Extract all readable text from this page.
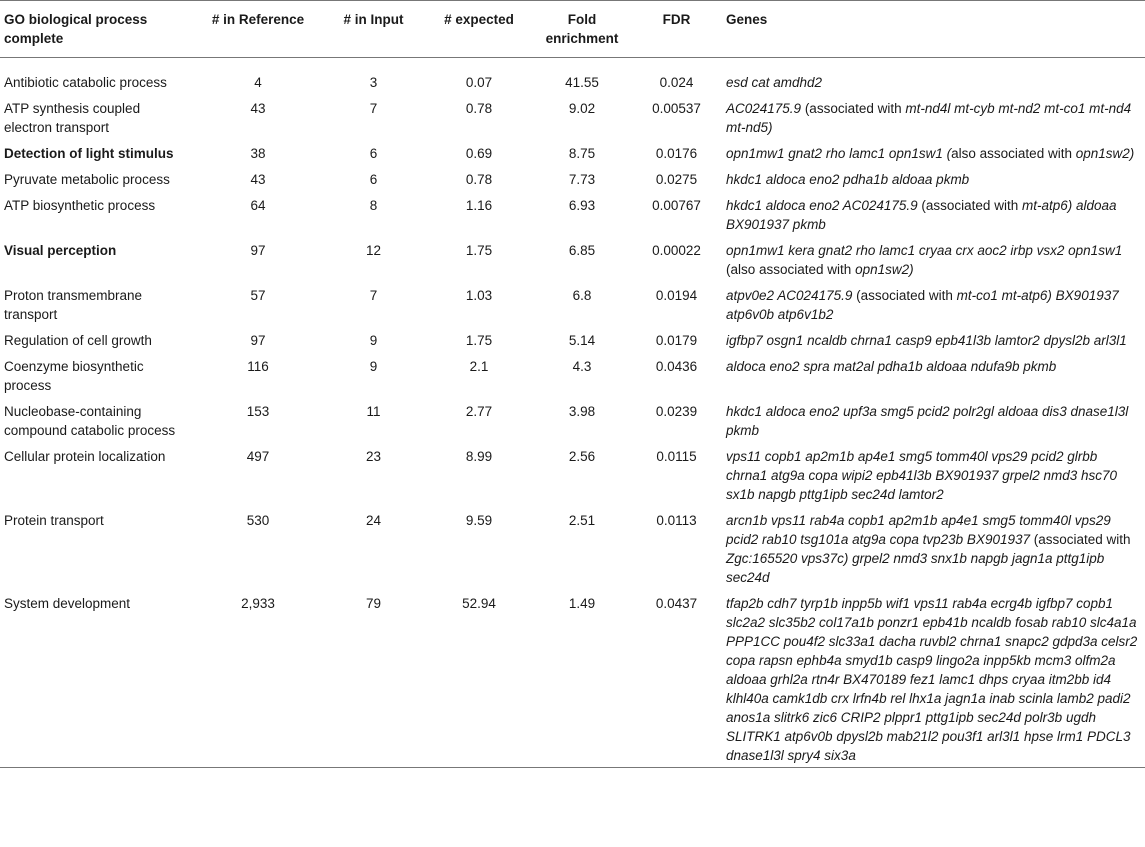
GO biological process complete	# in Reference	# in Input	# expected	Fold enrichment	FDR	Genes
Antibiotic catabolic process	4	3	0.07	41.55	0.024	esd cat amdhd2
ATP synthesis coupled electron transport	43	7	0.78	9.02	0.00537	AC024175.9 (associated with mt-nd4l mt-cyb mt-nd2 mt-co1 mt-nd4 mt-nd5)
Detection of light stimulus	38	6	0.69	8.75	0.0176	opn1mw1 gnat2 rho lamc1 opn1sw1 (also associated with opn1sw2)
Pyruvate metabolic process	43	6	0.78	7.73	0.0275	hkdc1 aldoca eno2 pdha1b aldoaa pkmb
ATP biosynthetic process	64	8	1.16	6.93	0.00767	hkdc1 aldoca eno2 AC024175.9 (associated with mt-atp6) aldoaa BX901937 pkmb
Visual perception	97	12	1.75	6.85	0.00022	opn1mw1 kera gnat2 rho lamc1 cryaa crx aoc2 irbp vsx2 opn1sw1 (also associated with opn1sw2)
Proton transmembrane transport	57	7	1.03	6.8	0.0194	atpv0e2 AC024175.9 (associated with mt-co1 mt-atp6) BX901937 atp6v0b atp6v1b2
Regulation of cell growth	97	9	1.75	5.14	0.0179	igfbp7 osgn1 ncaldb chrna1 casp9 epb41l3b lamtor2 dpysl2b arl3l1
Coenzyme biosynthetic process	116	9	2.1	4.3	0.0436	aldoca eno2 spra mat2al pdha1b aldoaa ndufa9b pkmb
Nucleobase-containing compound catabolic process	153	11	2.77	3.98	0.0239	hkdc1 aldoca eno2 upf3a smg5 pcid2 polr2gl aldoaa dis3 dnase1l3l pkmb
Cellular protein localization	497	23	8.99	2.56	0.0115	vps11 copb1 ap2m1b ap4e1 smg5 tomm40l vps29 pcid2 glrbb chrna1 atg9a copa wipi2 epb41l3b BX901937 grpel2 nmd3 hsc70 sx1b napgb pttg1ipb sec24d lamtor2
Protein transport	530	24	9.59	2.51	0.0113	arcn1b vps11 rab4a copb1 ap2m1b ap4e1 smg5 tomm40l vps29 pcid2 rab10 tsg101a atg9a copa tvp23b BX901937 (associated with Zgc:165520 vps37c) grpel2 nmd3 snx1b napgb jagn1a pttg1ipb sec24d
System development	2,933	79	52.94	1.49	0.0437	tfap2b cdh7 tyrp1b inpp5b wif1 vps11 rab4a ecrg4b igfbp7 copb1 slc2a2 slc35b2 col17a1b ponzr1 epb41b ncaldb fosab rab10 slc4a1a PPP1CC pou4f2 slc33a1 dacha ruvbl2 chrna1 snapc2 gdpd3a celsr2 copa rapsn ephb4a smyd1b casp9 lingo2a inpp5kb mcm3 olfm2a aldoaa grhl2a rtn4r BX470189 fez1 lamc1 dhps cryaa itm2bb id4 klhl40a camk1db crx lrfn4b rel lhx1a jagn1a inab scinla lamb2 padi2 anos1a slitrk6 zic6 CRIP2 plppr1 pttg1ipb sec24d polr3b ugdh SLITRK1 atp6v0b dpysl2b mab21l2 pou3f1 arl3l1 hpse lrm1 PDCL3 dnase1l3l spry4 six3a
